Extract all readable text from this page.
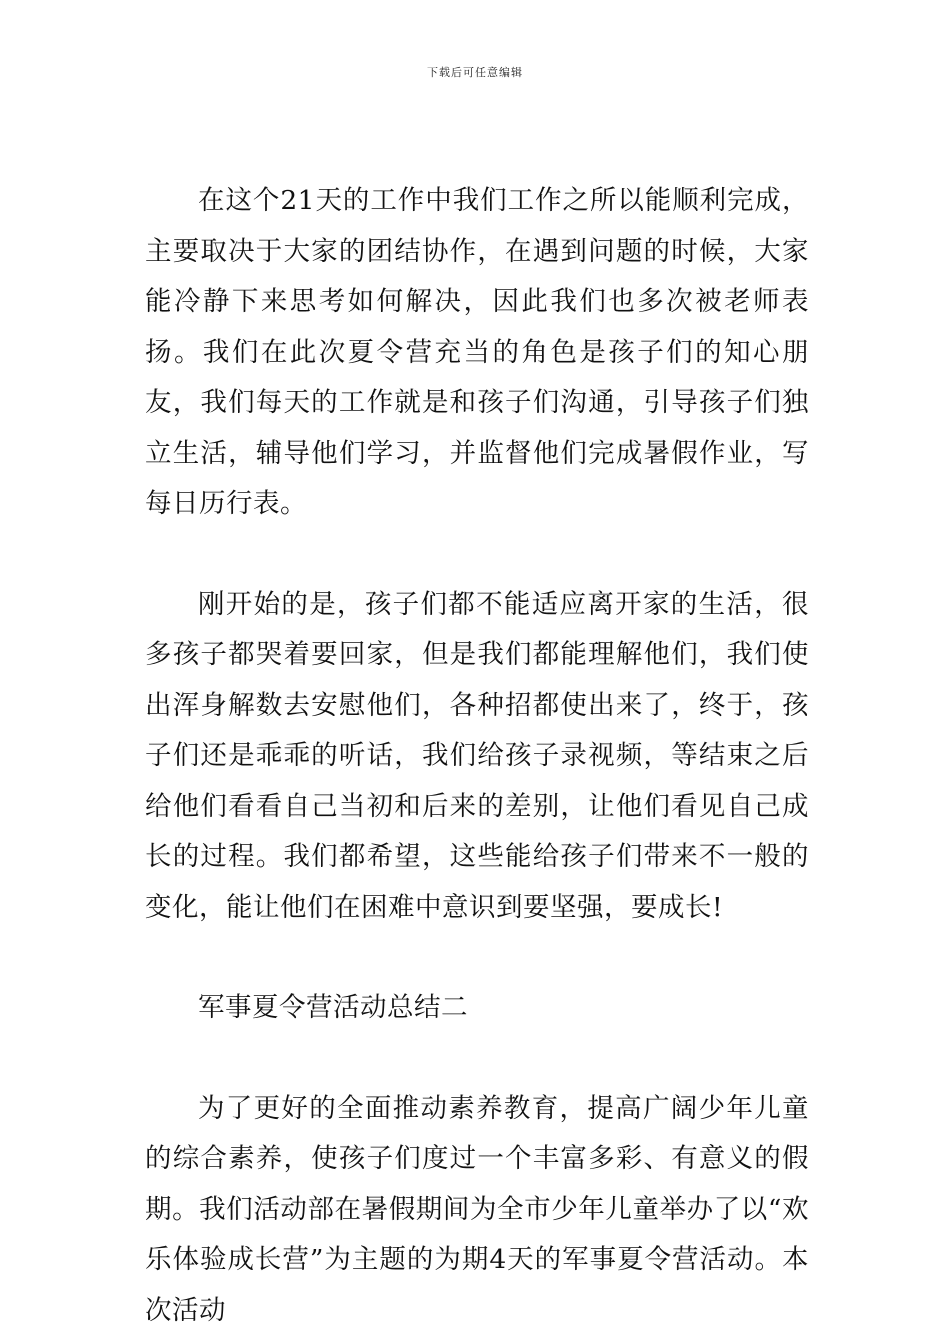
下载后可任意编辑

在这个21天的工作中我们工作之所以能顺利完成，主要取决于大家的团结协作，在遇到问题的时候，大家能冷静下来思考如何解决，因此我们也多次被老师表扬。我们在此次夏令营充当的角色是孩子们的知心朋友，我们每天的工作就是和孩子们沟通，引导孩子们独立生活，辅导他们学习，并监督他们完成暑假作业，写每日历行表。

刚开始的是，孩子们都不能适应离开家的生活，很多孩子都哭着要回家，但是我们都能理解他们，我们使出浑身解数去安慰他们，各种招都使出来了，终于，孩子们还是乖乖的听话，我们给孩子录视频，等结束之后给他们看看自己当初和后来的差别，让他们看见自己成长的过程。我们都希望，这些能给孩子们带来不一般的变化，能让他们在困难中意识到要坚强，要成长!

军事夏令营活动总结二

为了更好的全面推动素养教育，提高广阔少年儿童的综合素养，使孩子们度过一个丰富多彩、有意义的假期。我们活动部在暑假期间为全市少年儿童举办了以“欢乐体验成长营”为主题的为期4天的军事夏令营活动。本次活动
